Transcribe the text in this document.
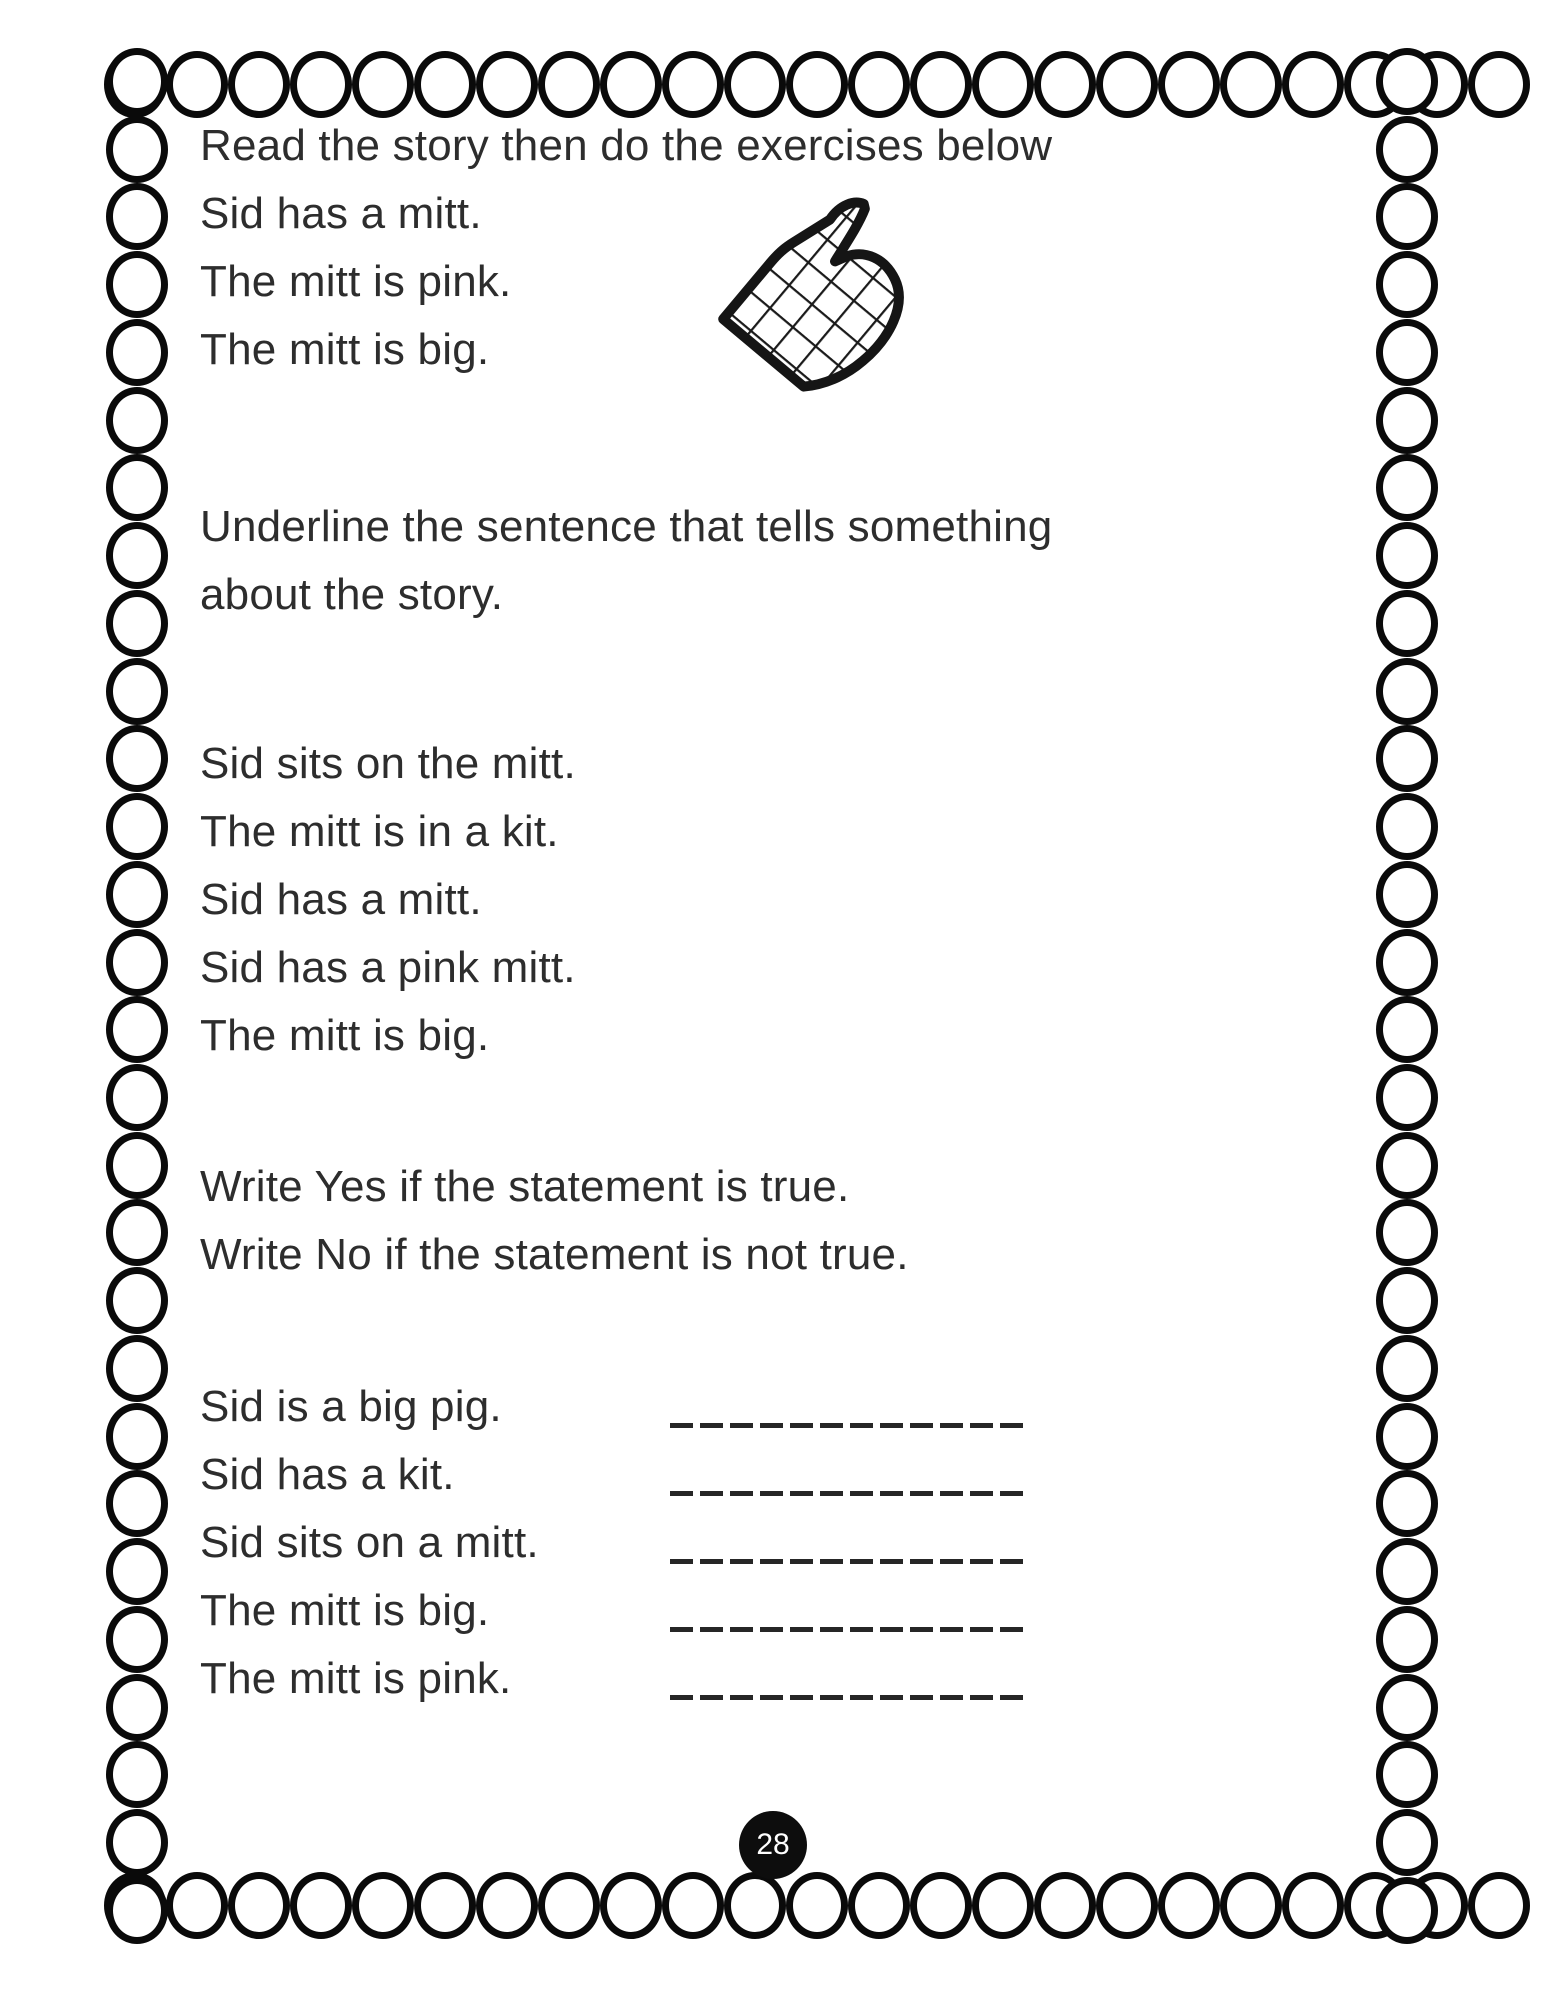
Read the story then do the exercises below
Sid has a mitt.
The mitt is pink.
The mitt is big.
Underline the sentence that tells something
about the story.
Sid sits on the mitt.
The mitt is in a kit.
Sid has a mitt.
Sid has a pink mitt.
The mitt is big.
Write Yes if the statement is true.
Write No if the statement is not true.
Sid is a big pig.
Sid has a kit.
Sid sits on a mitt.
The mitt is big.
The mitt is pink.
28
